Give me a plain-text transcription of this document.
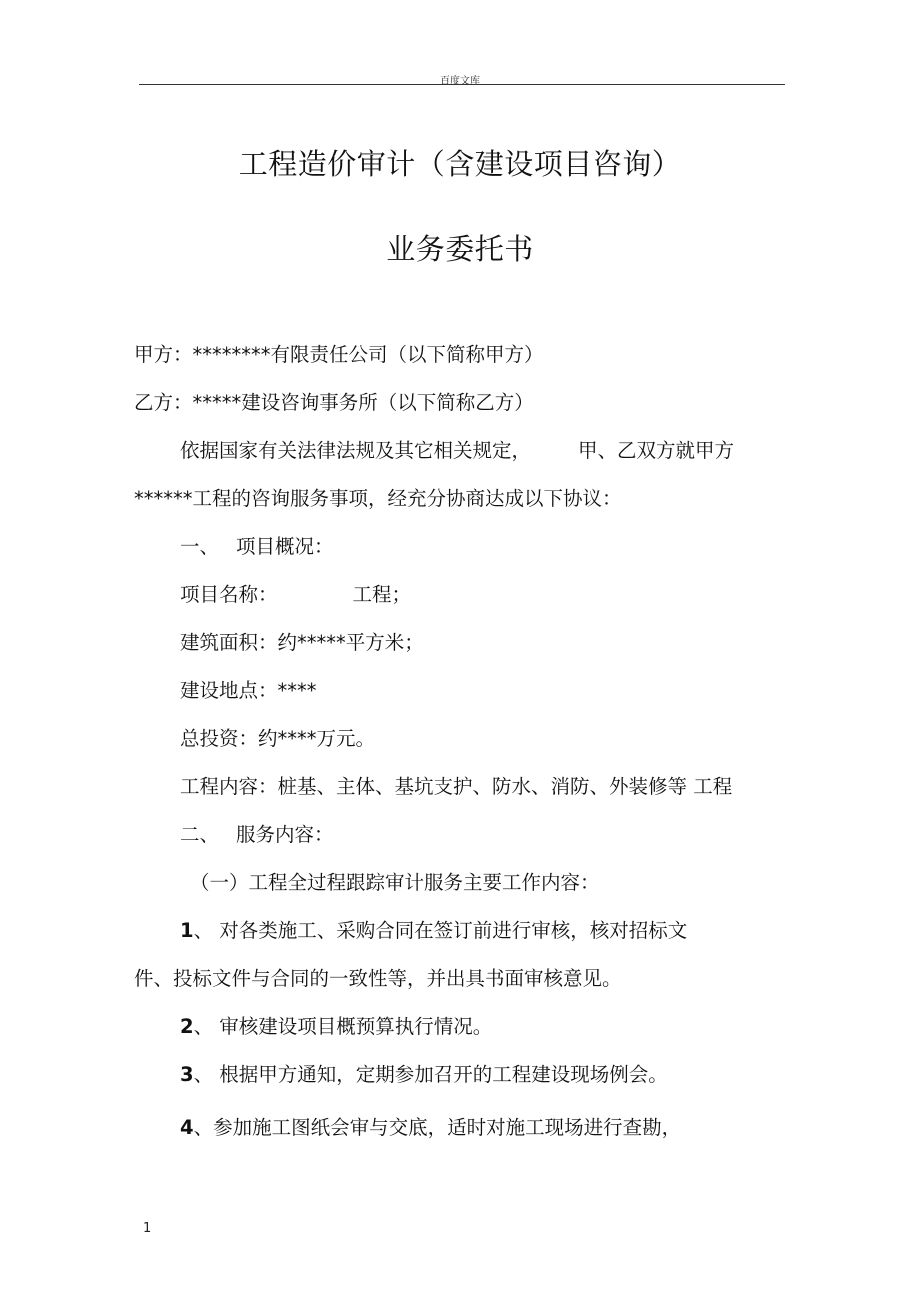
百度文库
工程造价审计（含建设项目咨询）
业务委托书
甲方：********有限责任公司（以下简称甲方）
乙方：*****建设咨询事务所（以下简称乙方）
依据国家有关法律法规及其它相关规定， 甲、乙双方就甲方
******工程的咨询服务事项，经充分协商达成以下协议：
一、 项目概况：
项目名称：	工程；
建筑面积：约*****平方米；
建设地点：****
总投资：约****万元。
工程内容：桩基、主体、基坑支护、防水、消防、外装修等 工程
二、 服务内容：
（一）工程全过程跟踪审计服务主要工作内容：
1、 对各类施工、采购合同在签订前进行审核，核对招标文
件、投标文件与合同的一致性等，并出具书面审核意见。
2、 审核建设项目概预算执行情况。
3、 根据甲方通知，定期参加召开的工程建设现场例会。
4、参加施工图纸会审与交底，适时对施工现场进行查勘，
1
